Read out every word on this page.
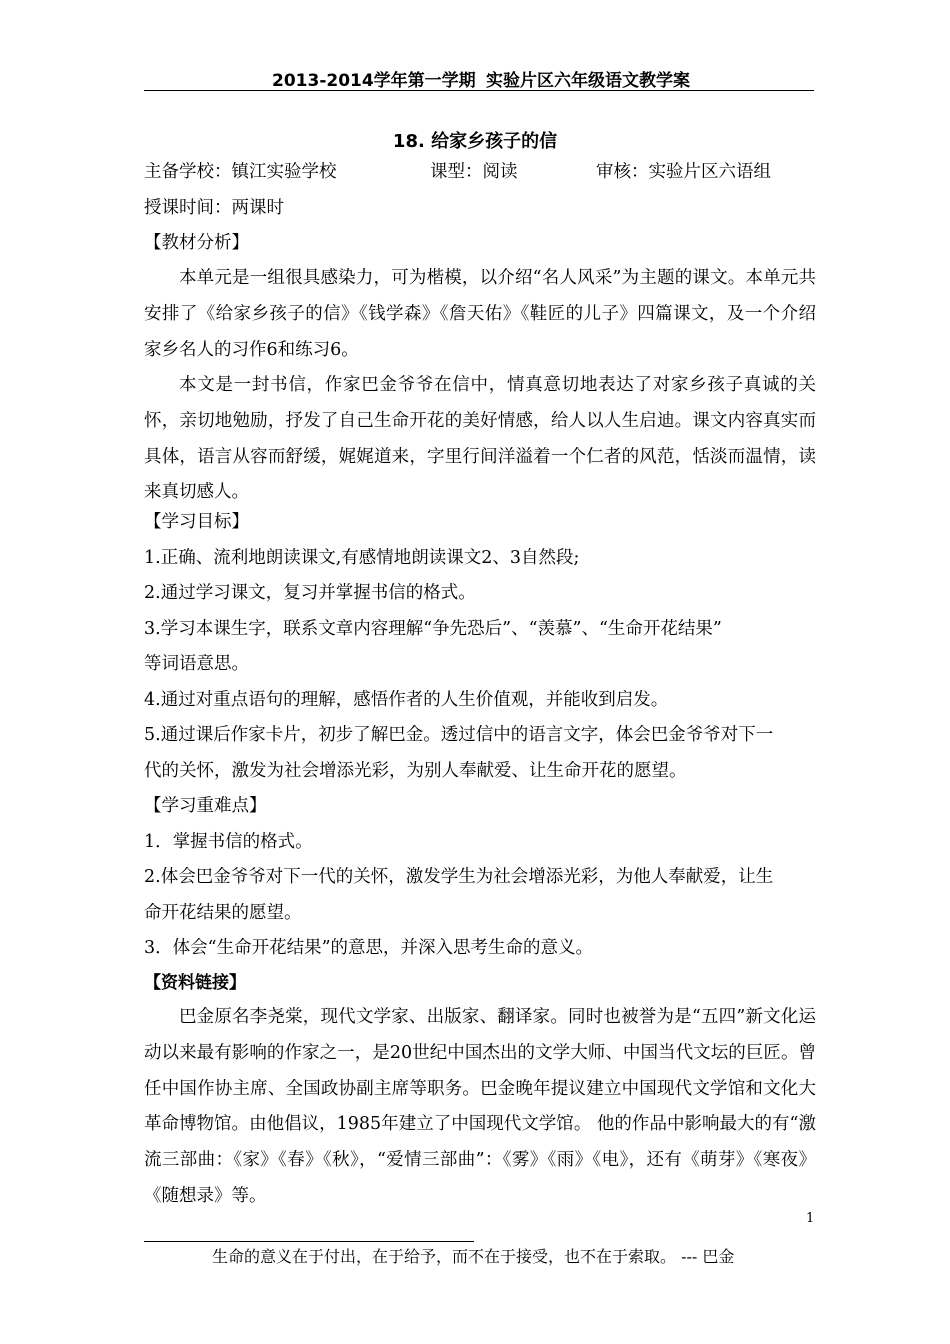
2013-2014学年第一学期 实验片区六年级语文教学案
18. 给家乡孩子的信
主备学校：镇江实验学校	课型：阅读	审核：实验片区六语组
授课时间：两课时
【教材分析】
本单元是一组很具感染力，可为楷模，以介绍“名人风采”为主题的课文。本单元共安排了《给家乡孩子的信》《钱学森》《詹天佑》《鞋匠的儿子》四篇课文，及一个介绍家乡名人的习作6和练习6。
本文是一封书信，作家巴金爷爷在信中，情真意切地表达了对家乡孩子真诚的关怀，亲切地勉励，抒发了自己生命开花的美好情感，给人以人生启迪。课文内容真实而具体，语言从容而舒缓，娓娓道来，字里行间洋溢着一个仁者的风范，恬淡而温情，读来真切感人。
【学习目标】
1.正确、流利地朗读课文,有感情地朗读课文2、3自然段;
2.通过学习课文，复习并掌握书信的格式。
3.学习本课生字，联系文章内容理解“争先恐后”、“羡慕”、“生命开花结果”
等词语意思。
4.通过对重点语句的理解，感悟作者的人生价值观，并能收到启发。
5.通过课后作家卡片，初步了解巴金。透过信中的语言文字，体会巴金爷爷对下一
代的关怀，激发为社会增添光彩，为别人奉献爱、让生命开花的愿望。
【学习重难点】
1．掌握书信的格式。
2.体会巴金爷爷对下一代的关怀，激发学生为社会增添光彩，为他人奉献爱，让生
命开花结果的愿望。
3．体会“生命开花结果”的意思，并深入思考生命的意义。
【资料链接】
巴金原名李尧棠，现代文学家、出版家、翻译家。同时也被誉为是“五四”新文化运动以来最有影响的作家之一，是20世纪中国杰出的文学大师、中国当代文坛的巨匠。曾任中国作协主席、全国政协副主席等职务。巴金晚年提议建立中国现代文学馆和文化大革命博物馆。由他倡议，1985年建立了中国现代文学馆。 他的作品中影响最大的有“激流三部曲：《家》《春》《秋》，“爱情三部曲”：《雾》《雨》《电》，还有《萌芽》《寒夜》《随想录》等。
1
生命的意义在于付出，在于给予，而不在于接受，也不在于索取。 --- 巴金
